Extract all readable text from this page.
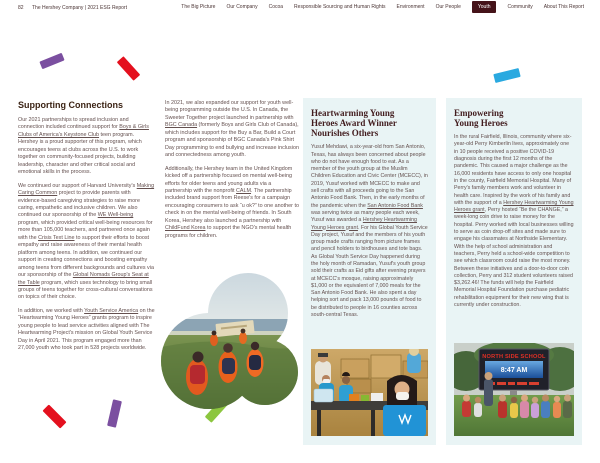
82 The Hershey Company | 2021 ESG Report	The Big Picture Our Company Cocoa Responsible Sourcing and Human Rights Environment Our People	Youth	Community About This Report
Supporting Connections

Our 2021 partnerships to spread inclusion and connection included continued support for Boys & Girls Clubs of America's Keystone Club teen program. Hershey is a proud supporter of this program, which encourages teens at clubs across the U.S. to work together on community-focused projects, building leadership, character and other critical social and emotional skills in the process.

We continued our support of Harvard University's Making Caring Common project to provide parents with evidence-based caregiving strategies to raise more caring, empathetic and inclusive children. We also continued our sponsorship of the WE Well-being program, which provided critical well-being resources for more than 105,000 teachers, and partnered once again with the Crisis Text Line to support their efforts to boost empathy and raise awareness of their mental health platform among teens. In addition, we continued our support in creating connections and boosting empathy among teens from different backgrounds and cultures via our sponsorship of the Global Nomads Group's Seat at the Table program, which uses technology to bring small groups of teens together for cross-cultural conversations on topics of their choice.

In addition, we worked with Youth Service America on the “Heartwarming Young Heroes” grants program to inspire young people to lead service activities aligned with The Heartwarming Project's mission on Global Youth Service Day in April 2021. This program engaged more than 27,000 youth who took part in 528 projects worldwide.

In 2021, we also expanded our support for youth well-being programming outside the U.S. In Canada, the Sweeter Together project launched in partnership with BGC Canada (formerly Boys and Girls Club of Canada), which includes support for the Buy a Bar, Build a Court program and sponsorship of BGC Canada's Pink Shirt Day programming to end bullying and increase inclusion and connectedness among youth.

Additionally, the Hershey team in the United Kingdom kicked off a partnership focused on mental well-being efforts for older teens and young adults via a partnership with the nonprofit CALM. The partnership included brand support from Reese's for a campaign encouraging consumers to ask “u ok?” to one another to check in on the mental well-being of friends. In South Korea, Hershey also launched a partnership with ChildFund Korea to support the NGO's mental health programs for children.

Heartwarming Young
Heroes Award Winner
Nourishes Others

Yusuf Mehdawi, a six-year-old from San Antonio, Texas, has always been concerned about people who do not have enough food to eat. As a member of the youth group at the Muslim Children Education and Civic Center (MCECC), in 2019, Yusuf worked with MCECC to make and sell crafts with all proceeds going to the San Antonio Food Bank. Then, in the early months of the pandemic when the San Antonio Food Bank was serving twice as many people each week, Yusuf was awarded a Hershey Heartwarming Young Heroes grant. For his Global Youth Service Day project, Yusuf and the members of his youth group made crafts ranging from picture frames and pencil holders to birdhouses and tote bags. As Global Youth Service Day happened during the holy month of Ramadan, Yusuf's youth group sold their crafts as Eid gifts after evening prayers at MCECC's mosque, raising approximately $1,000 or the equivalent of 7,000 meals for the San Antonio Food Bank. He also spent a day helping sort and pack 13,000 pounds of food to be distributed to people in 16 counties across south-central Texas.

Empowering
Young Heroes

In the rural Fairfield, Illinois, community where six-year-old Perry Kimberlin lives, approximately one in 10 people received a positive COVID-19 diagnosis during the first 12 months of the pandemic. This caused a major challenge as the 16,000 residents have access to only one hospital in the county, Fairfield Memorial Hospital. Many of Perry's family members work and volunteer in health care. Inspired by the work of his family and with the support of a Hershey Heartwarming Young Heroes grant, Perry hosted “Be the CHANGE,” a week-long coin drive to raise money for the hospital. Perry worked with local businesses willing to serve as coin drop-off sites and made sure to engage his classmates at Northside Elementary. With the help of school administration and teachers, Perry held a school-wide competition to see which classroom could raise the most money. Between these initiatives and a door-to-door coin collection, Perry and 312 student volunteers raised $3,262.46! The funds will help the Fairfield Memorial Hospital Foundation purchase pediatric rehabilitation equipment for their new wing that is currently under construction.

NORTH SIDE SCHOOL
8:47 AM
